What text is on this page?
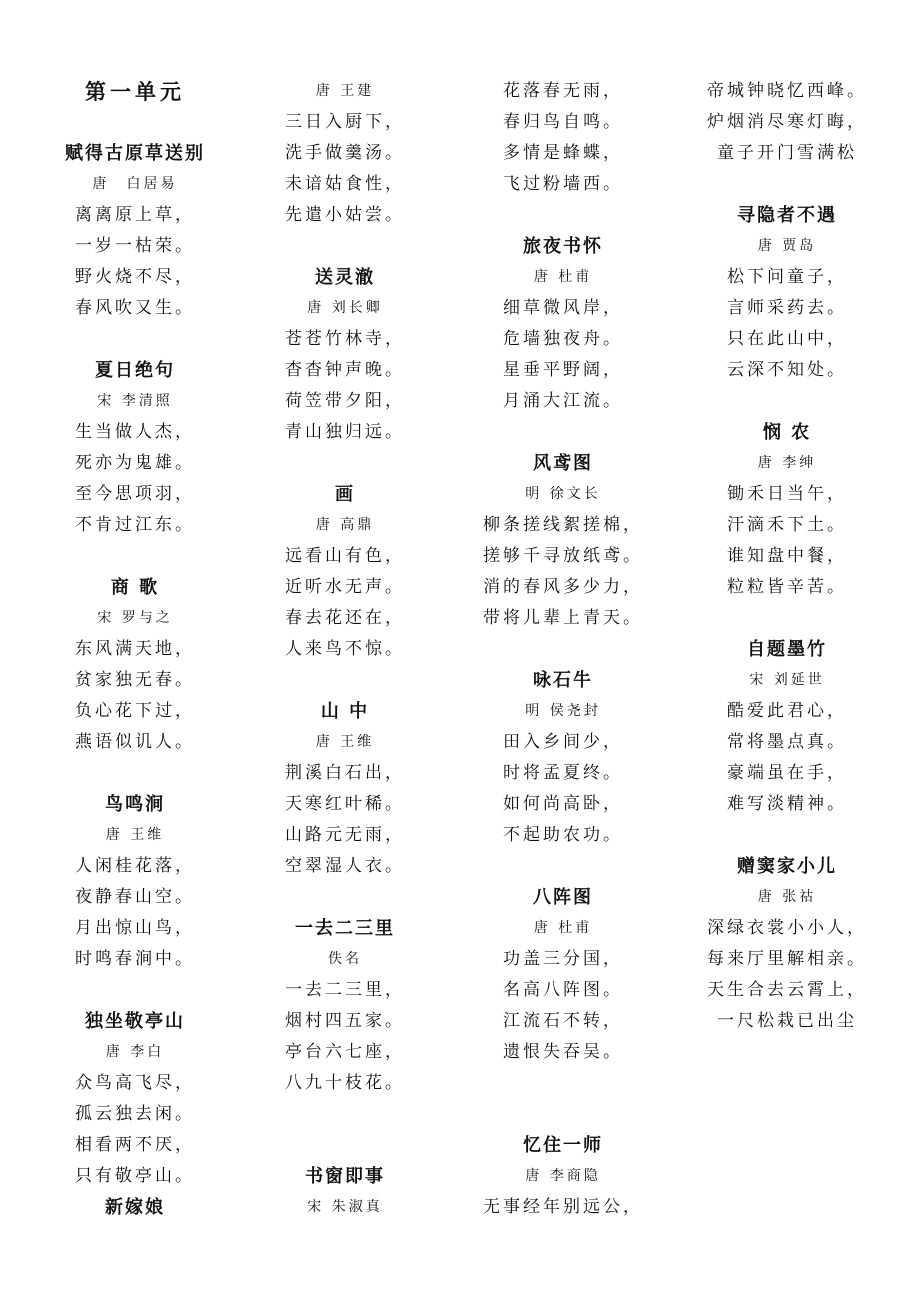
第一单元
赋得古原草送别
唐　白居易
离离原上草，
一岁一枯荣。
野火烧不尽，
春风吹又生。
夏日绝句
宋 李清照
生当做人杰，
死亦为鬼雄。
至今思项羽，
不肯过江东。
商 歌
宋 罗与之
东风满天地，
贫家独无春。
负心花下过，
燕语似讥人。
鸟鸣涧
唐 王维
人闲桂花落，
夜静春山空。
月出惊山鸟，
时鸣春涧中。
独坐敬亭山
唐 李白
众鸟高飞尽，
孤云独去闲。
相看两不厌，
只有敬亭山。
新嫁娘
唐 王建
三日入厨下，
洗手做羹汤。
未谙姑食性，
先遣小姑尝。
送灵澈
唐 刘长卿
苍苍竹林寺，
杳杳钟声晚。
荷笠带夕阳，
青山独归远。
画
唐 高鼎
远看山有色，
近听水无声。
春去花还在，
人来鸟不惊。
山 中
唐 王维
荆溪白石出，
天寒红叶稀。
山路元无雨，
空翠湿人衣。
一去二三里
佚名
一去二三里，
烟村四五家。
亭台六七座，
八九十枝花。
书窗即事
宋 朱淑真
花落春无雨，
春归鸟自鸣。
多情是蜂蝶，
飞过粉墙西。
旅夜书怀
唐 杜甫
细草微风岸，
危墙独夜舟。
星垂平野阔，
月涌大江流。
风鸢图
明 徐文长
柳条搓线絮搓棉，
搓够千寻放纸鸢。
消的春风多少力，
带将儿辈上青天。
咏石牛
明 侯尧封
田入乡间少，
时将孟夏终。
如何尚高卧，
不起助农功。
八阵图
唐 杜甫
功盖三分国，
名高八阵图。
江流石不转，
遗恨失吞吴。
忆住一师
唐 李商隐
无事经年别远公，
帝城钟晓忆西峰。
炉烟消尽寒灯晦，
童子开门雪满松
寻隐者不遇
唐 贾岛
松下问童子，
言师采药去。
只在此山中，
云深不知处。
悯 农
唐 李绅
锄禾日当午，
汗滴禾下土。
谁知盘中餐，
粒粒皆辛苦。
自题墨竹
宋 刘延世
酷爱此君心，
常将墨点真。
豪端虽在手，
难写淡精神。
赠窦家小儿
唐 张祜
深绿衣裳小小人，
每来厅里解相亲。
天生合去云霄上，
一尺松栽已出尘
